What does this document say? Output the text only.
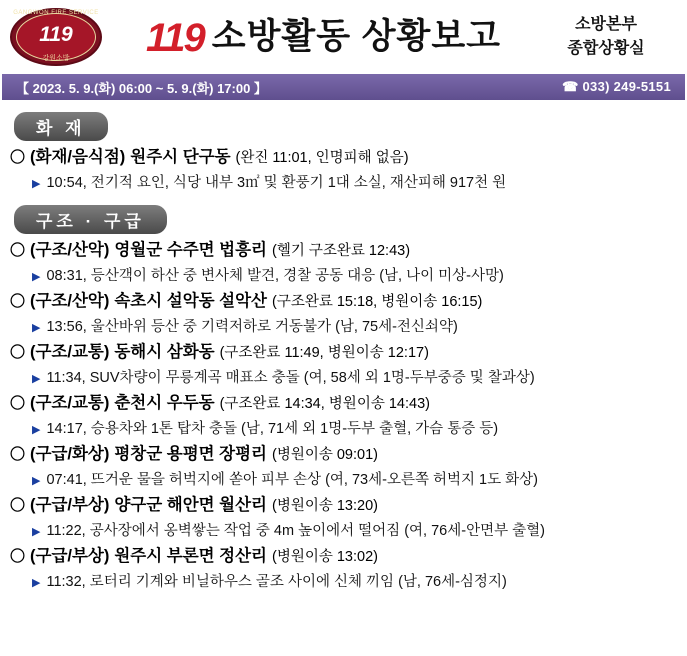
GANGWON FIRE SERVICE
119
강원소방	119 소방활동 상황보고	소방본부
종합상황실
【 2023. 5. 9.(화) 06:00 ~ 5. 9.(화) 17:00 】	☎ 033) 249-5151
화 재
〇 (화재/음식점) 원주시 단구동 (완진 11:01, 인명피해 없음)
▶ 10:54, 전기적 요인, 식당 내부 3㎡ 및 환풍기 1대 소실, 재산피해 917천 원
구조 · 구급
〇 (구조/산악) 영월군 수주면 법흥리 (헬기 구조완료 12:43)
▶ 08:31, 등산객이 하산 중 변사체 발견, 경찰 공동 대응 (남, 나이 미상-사망)
〇 (구조/산악) 속초시 설악동 설악산 (구조완료 15:18, 병원이송 16:15)
▶ 13:56, 울산바위 등산 중 기력저하로 거동불가 (남, 75세-전신쇠약)
〇 (구조/교통) 동해시 삼화동 (구조완료 11:49, 병원이송 12:17)
▶ 11:34, SUV차량이 무릉계곡 매표소 충돌 (여, 58세 외 1명-두부중증 및 찰과상)
〇 (구조/교통) 춘천시 우두동 (구조완료 14:34, 병원이송 14:43)
▶ 14:17, 승용차와 1톤 탑차 충돌 (남, 71세 외 1명-두부 출혈, 가슴 통증 등)
〇 (구급/화상) 평창군 용평면 장평리 (병원이송 09:01)
▶ 07:41, 뜨거운 물을 허벅지에 쏟아 피부 손상 (여, 73세-오른쪽 허벅지 1도 화상)
〇 (구급/부상) 양구군 해안면 월산리 (병원이송 13:20)
▶ 11:22, 공사장에서 옹벽쌓는 작업 중 4m 높이에서 떨어짐 (여, 76세-안면부 출혈)
〇 (구급/부상) 원주시 부론면 정산리 (병원이송 13:02)
▶ 11:32, 로터리 기계와 비닐하우스 골조 사이에 신체 끼임 (남, 76세-심정지)
